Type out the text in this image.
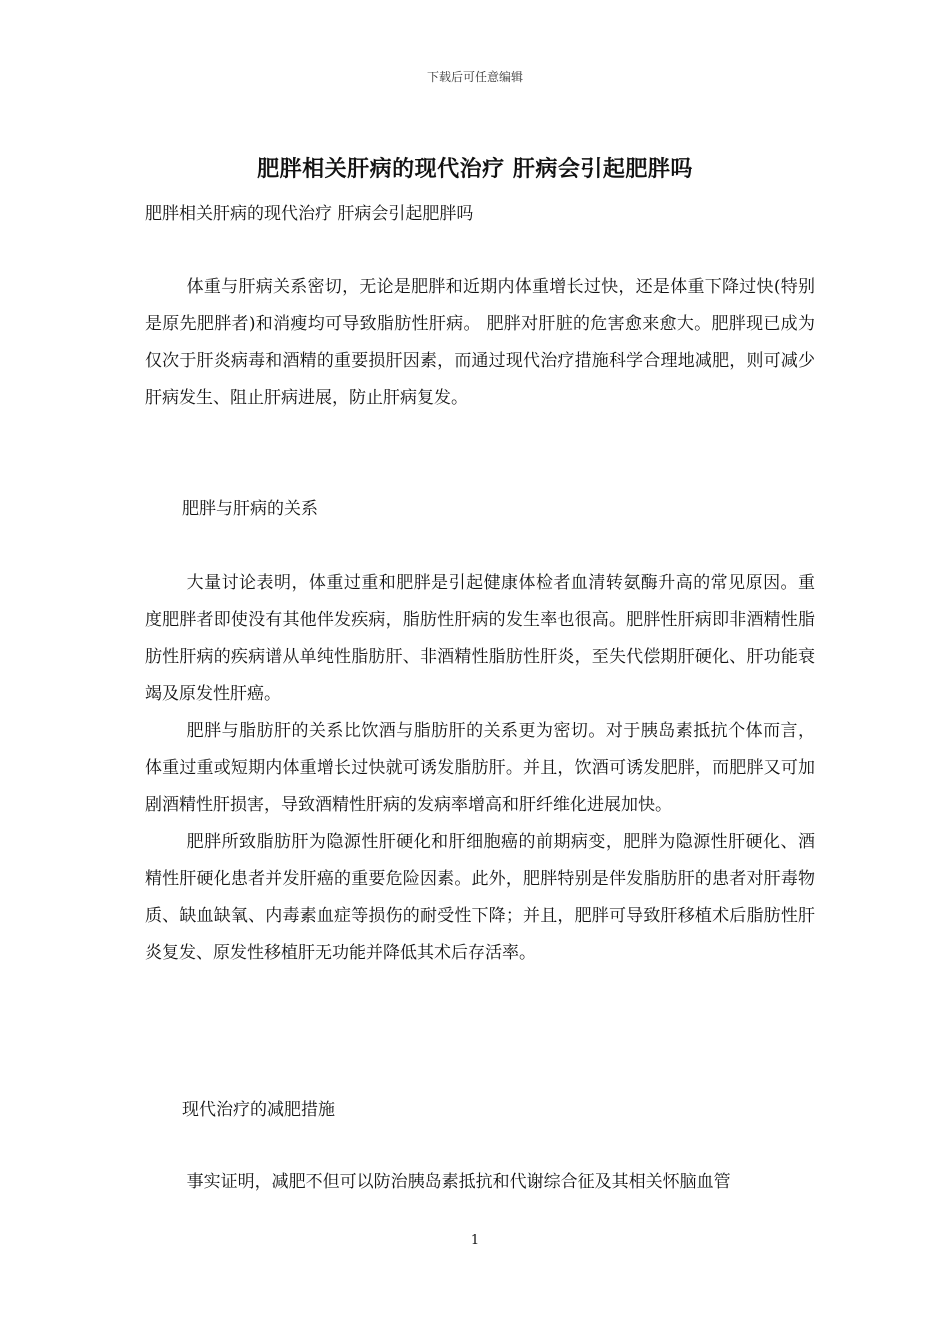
下载后可任意编辑
肥胖相关肝病的现代治疗 肝病会引起肥胖吗
肥胖相关肝病的现代治疗 肝病会引起肥胖吗

体重与肝病关系密切，无论是肥胖和近期内体重增长过快，还是体重下降过快(特别是原先肥胖者)和消瘦均可导致脂肪性肝病。 肥胖对肝脏的危害愈来愈大。肥胖现已成为仅次于肝炎病毒和酒精的重要损肝因素，而通过现代治疗措施科学合理地减肥，则可减少肝病发生、阻止肝病进展，防止肝病复发。

肥胖与肝病的关系

大量讨论表明，体重过重和肥胖是引起健康体检者血清转氨酶升高的常见原因。重度肥胖者即使没有其他伴发疾病，脂肪性肝病的发生率也很高。肥胖性肝病即非酒精性脂肪性肝病的疾病谱从单纯性脂肪肝、非酒精性脂肪性肝炎，至失代偿期肝硬化、肝功能衰竭及原发性肝癌。

肥胖与脂肪肝的关系比饮酒与脂肪肝的关系更为密切。对于胰岛素抵抗个体而言，体重过重或短期内体重增长过快就可诱发脂肪肝。并且，饮酒可诱发肥胖，而肥胖又可加剧酒精性肝损害，导致酒精性肝病的发病率增高和肝纤维化进展加快。

肥胖所致脂肪肝为隐源性肝硬化和肝细胞癌的前期病变，肥胖为隐源性肝硬化、酒精性肝硬化患者并发肝癌的重要危险因素。此外，肥胖特别是伴发脂肪肝的患者对肝毒物质、缺血缺氧、内毒素血症等损伤的耐受性下降；并且，肥胖可导致肝移植术后脂肪性肝炎复发、原发性移植肝无功能并降低其术后存活率。

现代治疗的减肥措施

事实证明，减肥不但可以防治胰岛素抵抗和代谢综合征及其相关怀脑血管

1
